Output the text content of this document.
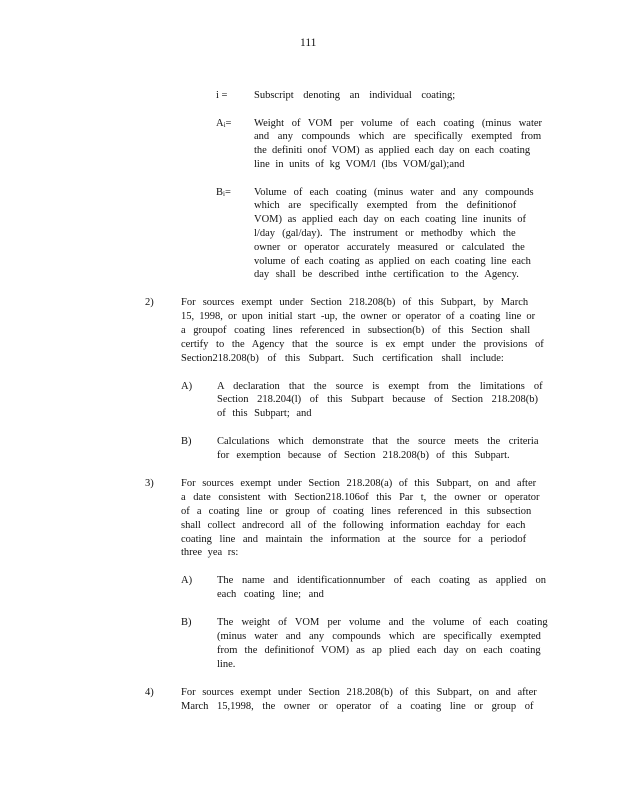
111
i =	Subscript denoting an individual coating;

$A_i=$ Weight of VOM per volume of each coating (minus water

and any compounds which are specifically exempted from

the definiti onof VOM) as applied each day on each coating

line in units of kg VOM/l (lbs VOM/gal);and

$B_i=$ Volume of each coating (minus water and any compounds

which are specifically exempted from the definitionof

VOM) as applied each day on each coating line inunits of

l/day (gal/day). The instrument or methodby which the

owner or operator accurately measured or calculated the

volume of each coating as applied on each coating line each

day shall be described inthe certification to the Agency.

2)	For sources exempt under Section 218.208(b) of this Subpart, by March

15, 1998, or upon initial start -up, the owner or operator of a coating line or

a groupof coating lines referenced in subsection(b) of this Section shall

certify to the Agency that the source is ex empt under the provisions of

Section218.208(b) of this Subpart. Such certification shall include:

A) A declaration that the source is exempt from the limitations of

Section 218.204(l) of this Subpart because of Section 218.208(b)

of this Subpart; and

B) Calculations which demonstrate that the source meets the criteria

for exemption because of Section 218.208(b) of this Subpart.

3)	For sources exempt under Section 218.208(a) of this Subpart, on and after

a date consistent with Section218.106of this Par t, the owner or operator

of a coating line or group of coating lines referenced in this subsection

shall collect andrecord all of the following information eachday for each

coating line and maintain the information at the source for a periodof

three yea rs:

A) The name and identificationnumber of each coating as applied on

each coating line; and

B) The weight of VOM per volume and the volume of each coating

(minus water and any compounds which are specifically exempted

from the definitionof VOM) as ap plied each day on each coating

line.

4)	For sources exempt under Section 218.208(b) of this Subpart, on and after

March 15,1998, the owner or operator of a coating line or group of
